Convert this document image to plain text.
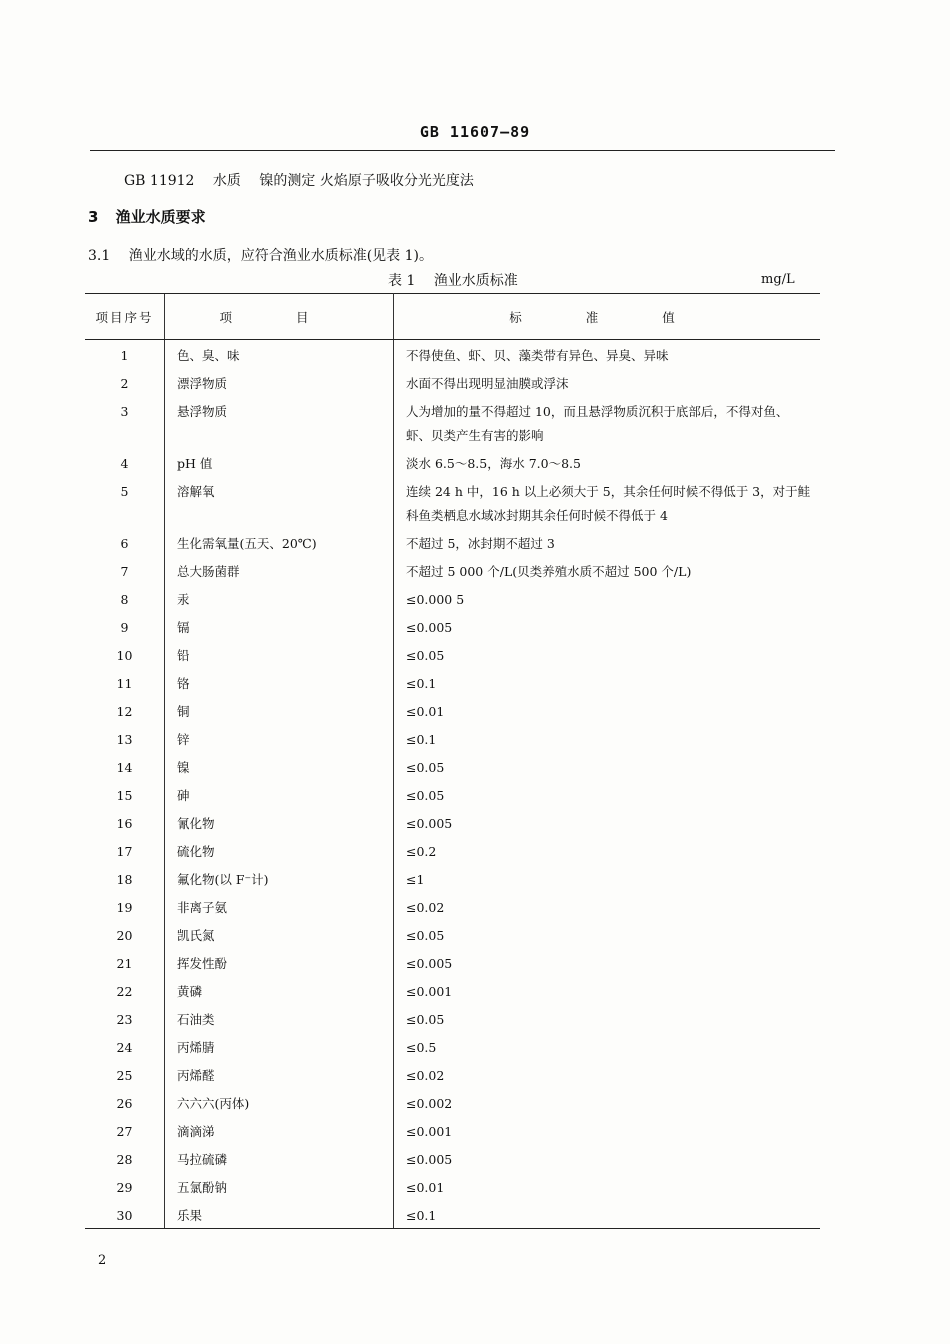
GB 11607—89
GB 11912 水质 镍的测定 火焰原子吸收分光光度法
3 渔业水质要求
3.1 渔业水域的水质，应符合渔业水质标准(见表 1)。
表 1 渔业水质标准	mg/L
项目序号	项 目	标 准 值
1	色、臭、味	不得使鱼、虾、贝、藻类带有异色、异臭、异味
2	漂浮物质	水面不得出现明显油膜或浮沫
3	悬浮物质	人为增加的量不得超过 10，而且悬浮物质沉积于底部后，不得对鱼、虾、贝类产生有害的影响
4	pH 值	淡水 6.5～8.5，海水 7.0～8.5
5	溶解氧	连续 24 h 中，16 h 以上必须大于 5，其余任何时候不得低于 3，对于鲑科鱼类栖息水域冰封期其余任何时候不得低于 4
6	生化需氧量(五天、20℃)	不超过 5，冰封期不超过 3
7	总大肠菌群	不超过 5 000 个/L(贝类养殖水质不超过 500 个/L)
8	汞	≤0.000 5
9	镉	≤0.005
10	铅	≤0.05
11	铬	≤0.1
12	铜	≤0.01
13	锌	≤0.1
14	镍	≤0.05
15	砷	≤0.05
16	氰化物	≤0.005
17	硫化物	≤0.2
18	氟化物(以 F⁻计)	≤1
19	非离子氨	≤0.02
20	凯氏氮	≤0.05
21	挥发性酚	≤0.005
22	黄磷	≤0.001
23	石油类	≤0.05
24	丙烯腈	≤0.5
25	丙烯醛	≤0.02
26	六六六(丙体)	≤0.002
27	滴滴涕	≤0.001
28	马拉硫磷	≤0.005
29	五氯酚钠	≤0.01
30	乐果	≤0.1
2
